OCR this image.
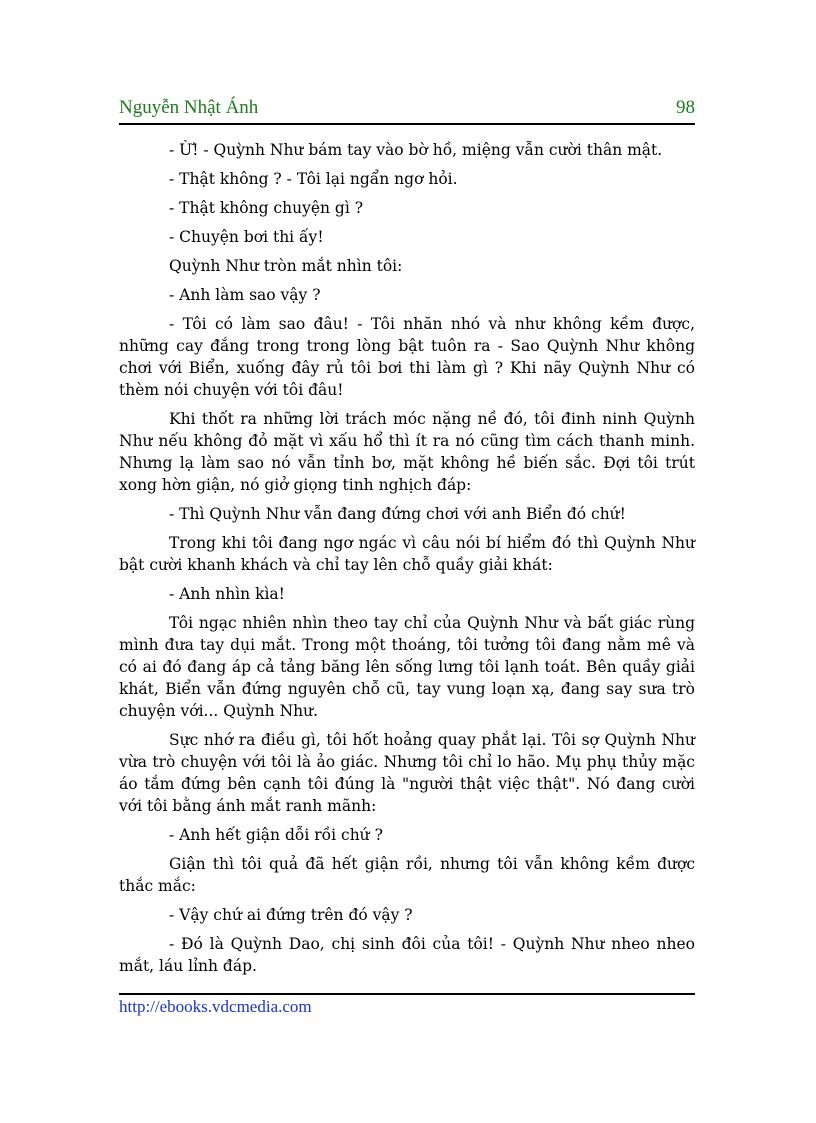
Nguyễn Nhật Ánh	98

- Ừ! - Quỳnh Như bám tay vào bờ hồ, miệng vẫn cười thân mật.

- Thật không ? - Tôi lại ngẩn ngơ hỏi.

- Thật không chuyện gì ?

- Chuyện bơi thi ấy!

Quỳnh Như tròn mắt nhìn tôi:

- Anh làm sao vậy ?

- Tôi có làm sao đâu! - Tôi nhăn nhó và như không kềm được, những cay đắng trong trong lòng bật tuôn ra - Sao Quỳnh Như không chơi với Biển, xuống đây rủ tôi bơi thi làm gì ? Khi nãy Quỳnh Như có thèm nói chuyện với tôi đâu!

Khi thốt ra những lời trách móc nặng nề đó, tôi đinh ninh Quỳnh Như nếu không đỏ mặt vì xấu hổ thì ít ra nó cũng tìm cách thanh minh. Nhưng lạ làm sao nó vẫn tỉnh bơ, mặt không hề biến sắc. Đợi tôi trút xong hờn giận, nó giở giọng tinh nghịch đáp:

- Thì Quỳnh Như vẫn đang đứng chơi với anh Biển đó chứ!

Trong khi tôi đang ngơ ngác vì câu nói bí hiểm đó thì Quỳnh Như bật cười khanh khách và chỉ tay lên chỗ quầy giải khát:

- Anh nhìn kìa!

Tôi ngạc nhiên nhìn theo tay chỉ của Quỳnh Như và bất giác rùng mình đưa tay dụi mắt. Trong một thoáng, tôi tưởng tôi đang nằm mê và có ai đó đang áp cả tảng băng lên sống lưng tôi lạnh toát. Bên quầy giải khát, Biển vẫn đứng nguyên chỗ cũ, tay vung loạn xạ, đang say sưa trò chuyện với... Quỳnh Như.

Sực nhớ ra điều gì, tôi hốt hoảng quay phắt lại. Tôi sợ Quỳnh Như vừa trò chuyện với tôi là ảo giác. Nhưng tôi chỉ lo hão. Mụ phụ thủy mặc áo tắm đứng bên cạnh tôi đúng là "người thật việc thật". Nó đang cười với tôi bằng ánh mắt ranh mãnh:

- Anh hết giận dỗi rồi chứ ?

Giận thì tôi quả đã hết giận rồi, nhưng tôi vẫn không kềm được thắc mắc:

- Vậy chứ ai đứng trên đó vậy ?

- Đó là Quỳnh Dao, chị sinh đôi của tôi! - Quỳnh Như nheo nheo mắt, láu lỉnh đáp.

http://ebooks.vdcmedia.com
